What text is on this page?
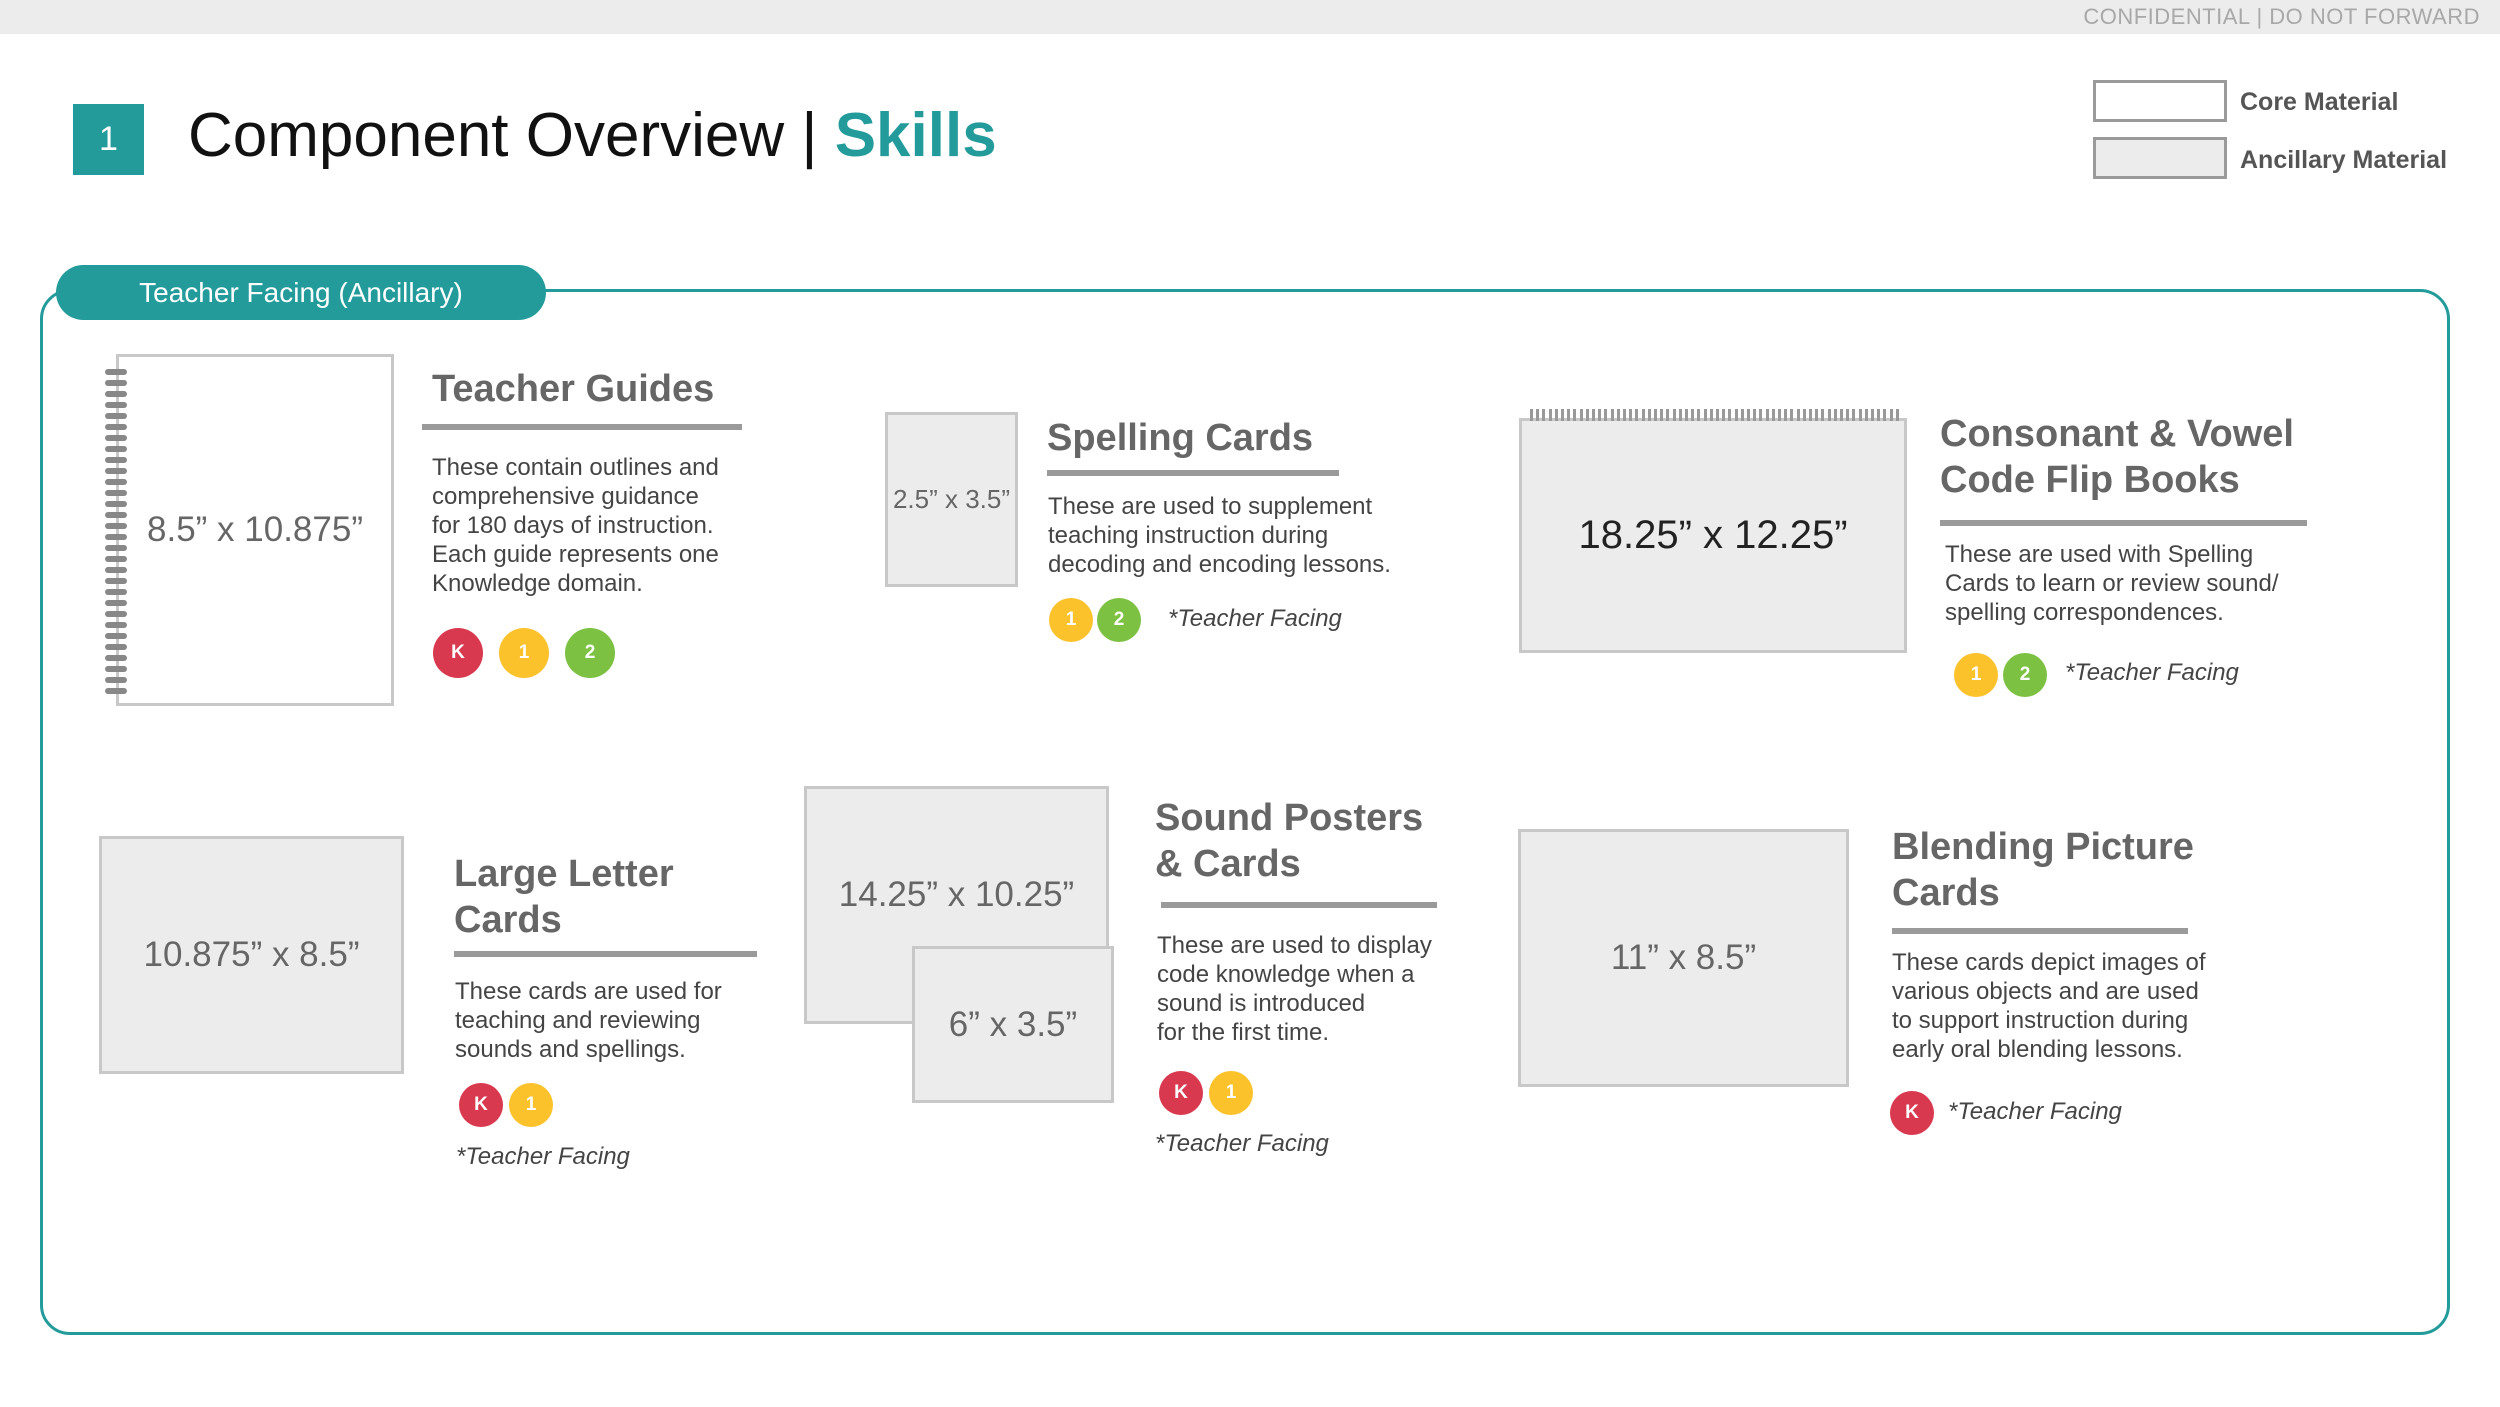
CONFIDENTIAL | DO NOT FORWARD
1	Component Overview | Skills	Core Material
Ancillary Material
Teacher Facing (Ancillary)
8.5” x 10.875”
Teacher Guides
These contain outlines and
comprehensive guidance
for 180 days of instruction.
Each guide represents one
Knowledge domain.
K	1	2
2.5” x 3.5”
Spelling Cards
These are used to supplement
teaching instruction during
decoding and encoding lessons.
1	2	*Teacher Facing
18.25” x 12.25”
Consonant & Vowel
Code Flip Books
These are used with Spelling
Cards to learn or review sound/
spelling correspondences.
1	2	*Teacher Facing
10.875” x 8.5”
Large Letter
Cards
These cards are used for
teaching and reviewing
sounds and spellings.
K	1
*Teacher Facing
14.25” x 10.25”
6” x 3.5”
Sound Posters
& Cards
These are used to display
code knowledge when a
sound is introduced
for the first time.
K	1
*Teacher Facing
11” x 8.5”
Blending Picture
Cards
These cards depict images of
various objects and are used
to support instruction during
early oral blending lessons.
K	*Teacher Facing
